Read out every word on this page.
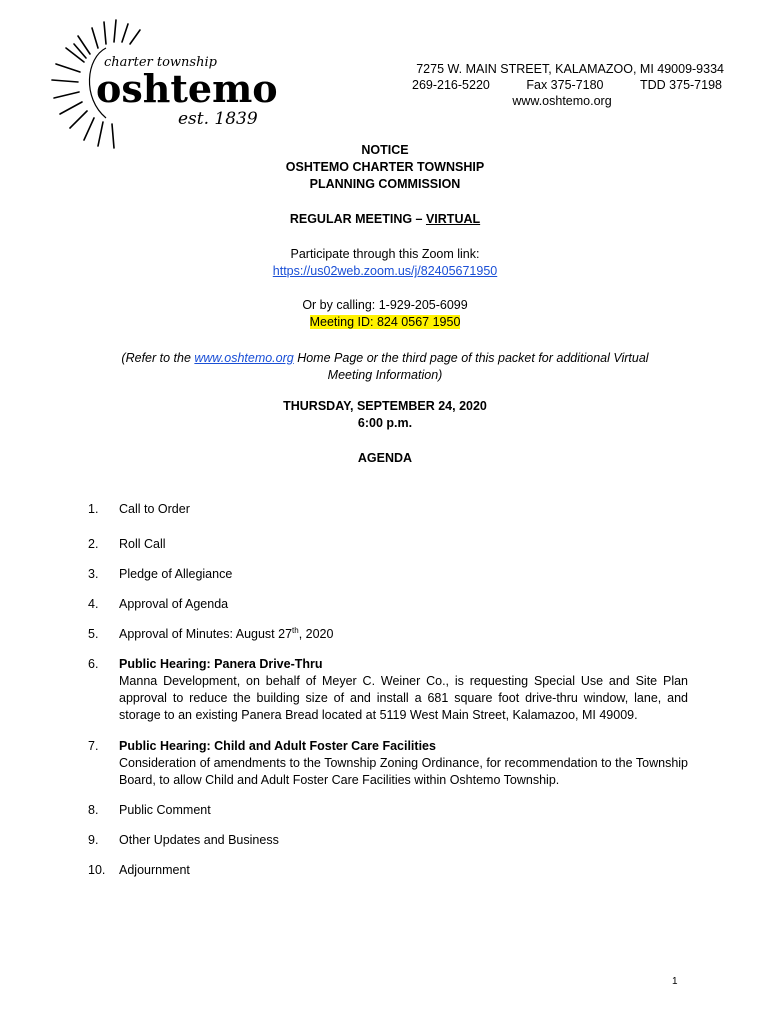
charter township
oshtemo
est. 1839
7275 W. MAIN STREET, KALAMAZOO, MI 49009-9334
269-216-5220	Fax 375-7180	TDD 375-7198
www.oshtemo.org
NOTICE
OSHTEMO CHARTER TOWNSHIP
PLANNING COMMISSION
REGULAR MEETING – VIRTUAL
Participate through this Zoom link:
https://us02web.zoom.us/j/82405671950
Or by calling: 1-929-205-6099
Meeting ID: 824 0567 1950
(Refer to the www.oshtemo.org Home Page or the third page of this packet for additional Virtual
Meeting Information)
THURSDAY, SEPTEMBER 24, 2020
6:00 p.m.
AGENDA
1.	Call to Order
2.	Roll Call
3.	Pledge of Allegiance
4.	Approval of Agenda
5.	Approval of Minutes: August 27th, 2020
6.	Public Hearing: Panera Drive-Thru
Manna Development, on behalf of Meyer C. Weiner Co., is requesting Special Use and Site Plan approval to reduce the building size of and install a 681 square foot drive-thru window, lane, and storage to an existing Panera Bread located at 5119 West Main Street, Kalamazoo, MI 49009.
7.	Public Hearing: Child and Adult Foster Care Facilities
Consideration of amendments to the Township Zoning Ordinance, for recommendation to the Township Board, to allow Child and Adult Foster Care Facilities within Oshtemo Township.
8.	Public Comment
9.	Other Updates and Business
10.	Adjournment
1
